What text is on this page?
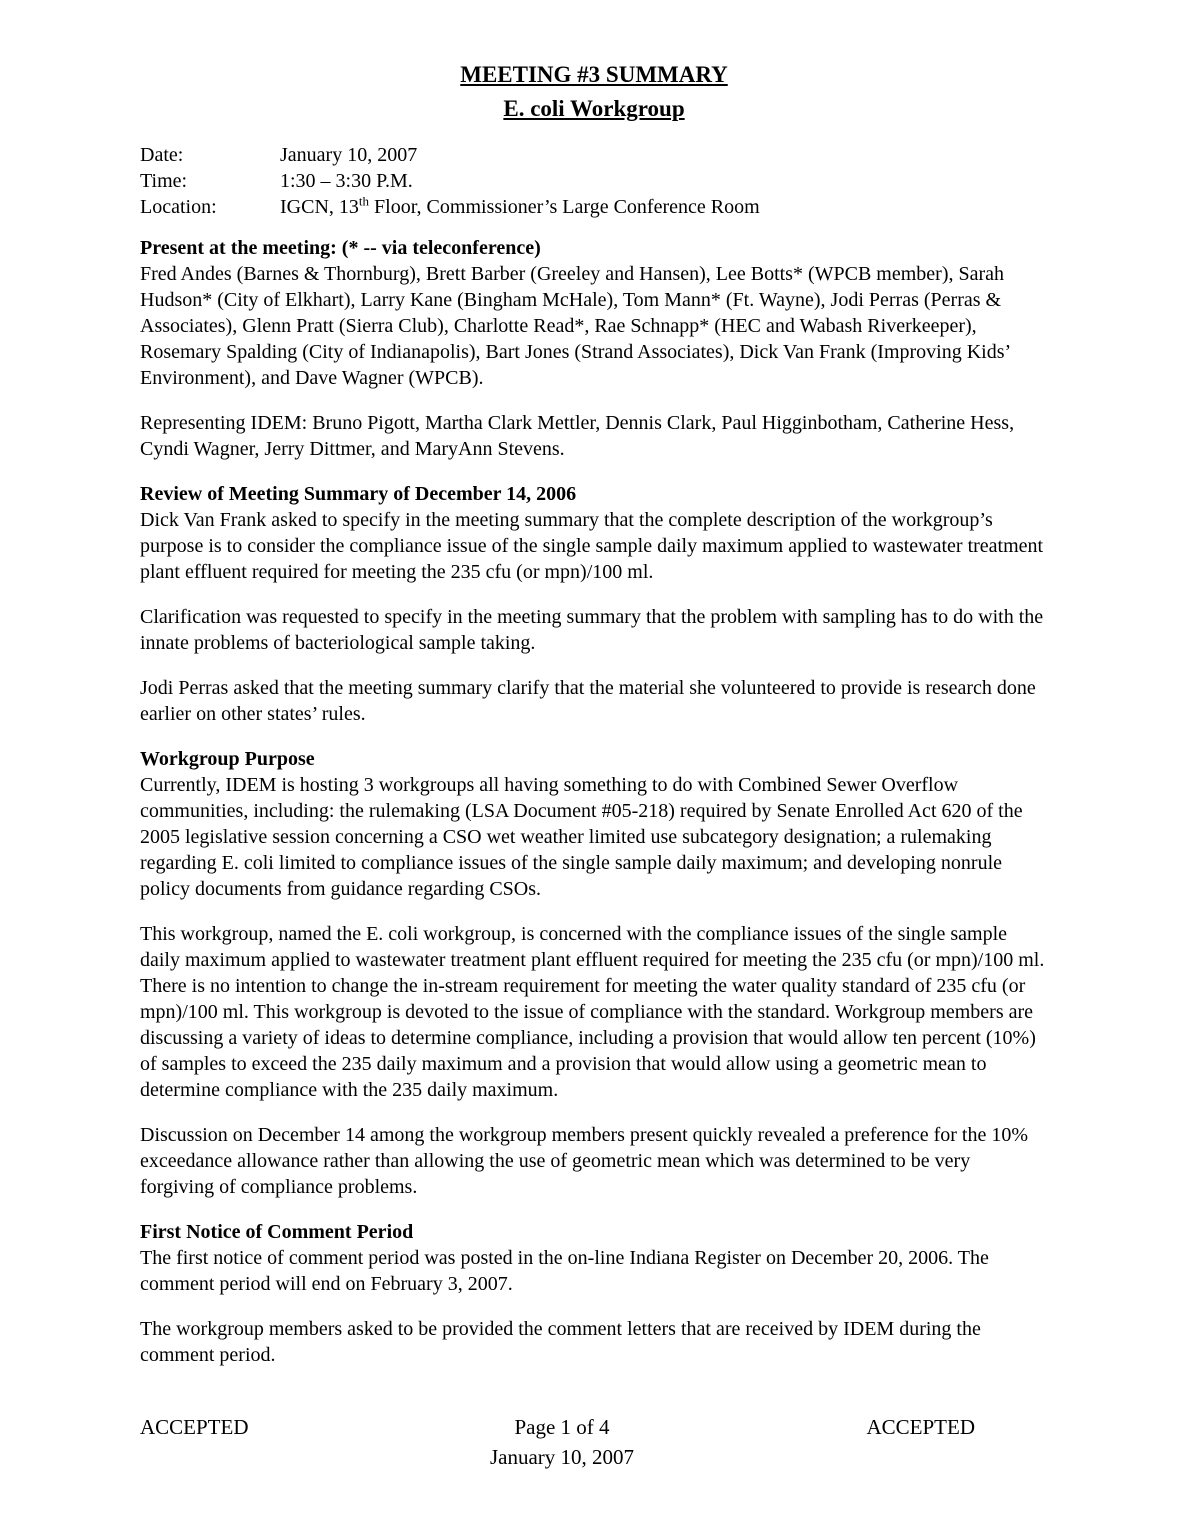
MEETING #3 SUMMARY
E. coli Workgroup
Date:	January 10, 2007
Time:	1:30 – 3:30 P.M.
Location:	IGCN, 13th Floor, Commissioner’s Large Conference Room
Present at the meeting: (* -- via teleconference)

Fred Andes (Barnes & Thornburg), Brett Barber (Greeley and Hansen), Lee Botts* (WPCB member), Sarah Hudson* (City of Elkhart), Larry Kane (Bingham McHale), Tom Mann* (Ft. Wayne), Jodi Perras (Perras & Associates), Glenn Pratt (Sierra Club), Charlotte Read*, Rae Schnapp* (HEC and Wabash Riverkeeper), Rosemary Spalding (City of Indianapolis), Bart Jones (Strand Associates), Dick Van Frank (Improving Kids’ Environment), and Dave Wagner (WPCB).

Representing IDEM: Bruno Pigott, Martha Clark Mettler, Dennis Clark, Paul Higginbotham, Catherine Hess, Cyndi Wagner, Jerry Dittmer, and MaryAnn Stevens.

Review of Meeting Summary of December 14, 2006

Dick Van Frank asked to specify in the meeting summary that the complete description of the workgroup’s purpose is to consider the compliance issue of the single sample daily maximum applied to wastewater treatment plant effluent required for meeting the 235 cfu (or mpn)/100 ml.

Clarification was requested to specify in the meeting summary that the problem with sampling has to do with the innate problems of bacteriological sample taking.

Jodi Perras asked that the meeting summary clarify that the material she volunteered to provide is research done earlier on other states’ rules.

Workgroup Purpose

Currently, IDEM is hosting 3 workgroups all having something to do with Combined Sewer Overflow communities, including: the rulemaking (LSA Document #05-218) required by Senate Enrolled Act 620 of the 2005 legislative session concerning a CSO wet weather limited use subcategory designation; a rulemaking regarding E. coli limited to compliance issues of the single sample daily maximum; and developing nonrule policy documents from guidance regarding CSOs.

This workgroup, named the E. coli workgroup, is concerned with the compliance issues of the single sample daily maximum applied to wastewater treatment plant effluent required for meeting the 235 cfu (or mpn)/100 ml. There is no intention to change the in-stream requirement for meeting the water quality standard of 235 cfu (or mpn)/100 ml. This workgroup is devoted to the issue of compliance with the standard. Workgroup members are discussing a variety of ideas to determine compliance, including a provision that would allow ten percent (10%) of samples to exceed the 235 daily maximum and a provision that would allow using a geometric mean to determine compliance with the 235 daily maximum.

Discussion on December 14 among the workgroup members present quickly revealed a preference for the 10% exceedance allowance rather than allowing the use of geometric mean which was determined to be very forgiving of compliance problems.

First Notice of Comment Period

The first notice of comment period was posted in the on-line Indiana Register on December 20, 2006. The comment period will end on February 3, 2007.

The workgroup members asked to be provided the comment letters that are received by IDEM during the comment period.

ACCEPTED	Page 1 of 4
January 10, 2007
ACCEPTED
